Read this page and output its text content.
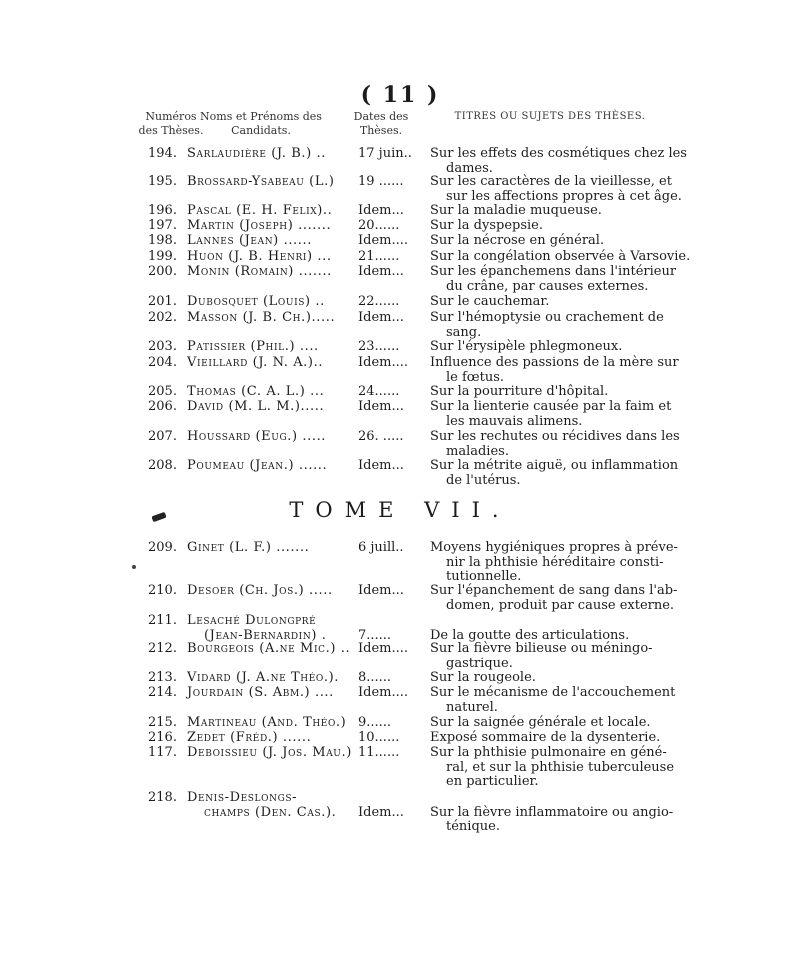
( 11 )
Numéros des Thèses.
Noms et Prénoms des Candidats.
Dates des Thèses.
TITRES OU SUJETS DES THÈSES.
TOME VII.
194. Sarlaudière (J. B.) ..	17 juin..	Sur les effets des cosmétiques chez les
dames.
195. Brossard-Ysabeau (L.)	19 ......	Sur les caractères de la vieillesse, et
sur les affections propres à cet âge.
196. Pascal (E. H. Felix)..	Idem...	Sur la maladie muqueuse.
197. Martin (Joseph) .......	20......	Sur la dyspepsie.
198. Lannes (Jean) ......	Idem....	Sur la nécrose en général.
199. Huon (J. B. Henri) ...	21......	Sur la congélation observée à Varsovie.
200. Monin (Romain) .......	Idem...	Sur les épanchemens dans l'intérieur
du crâne, par causes externes.
201. Dubosquet (Louis) ..	22......	Sur le cauchemar.
202. Masson (J. B. Ch.).....	Idem...	Sur l'hémoptysie ou crachement de
sang.
203. Patissier (Phil.) ....	23......	Sur l'érysipèle phlegmoneux.
204. Vieillard (J. N. A.)..	Idem....	Influence des passions de la mère sur
le fœtus.
205. Thomas (C. A. L.) ...	24......	Sur la pourriture d'hôpital.
206. David (M. L. M.).....	Idem...	Sur la lienterie causée par la faim et
les mauvais alimens.
207. Houssard (Eug.) .....	26. .....	Sur les rechutes ou récidives dans les
maladies.
208. Poumeau (Jean.) ......	Idem...	Sur la métrite aiguë, ou inflammation
de l'utérus.
209. Ginet (L. F.) .......	6 juill..	Moyens hygiéniques propres à préve-
nir la phthisie héréditaire consti-
tutionnelle.
210. Desoer (Ch. Jos.) .....	Idem...	Sur l'épanchement de sang dans l'ab-
domen, produit par cause externe.
211. Lesaché Dulongpré
(Jean-Bernardin) .	7......	De la goutte des articulations.
212. Bourgeois (A.ne Mic.) .. Idem....	Sur la fièvre bilieuse ou méningo-
gastrique.
213. Vidard (J. A.ne Théo.).	8......	Sur la rougeole.
214. Jourdain (S. Abm.) ....	Idem....	Sur le mécanisme de l'accouchement
naturel.
215. Martineau (And. Théo.) 9......	Sur la saignée générale et locale.
216. Zedet (Fréd.) ......	10......	Exposé sommaire de la dysenterie.
117. Deboissieu (J. Jos. Mau.) 11......	Sur la phthisie pulmonaire en géné-
ral, et sur la phthisie tuberculeuse
en particulier.
218. Denis-Deslongs-
champs (Den. Cas.).	Idem...	Sur la fièvre inflammatoire ou angio-
ténique.
